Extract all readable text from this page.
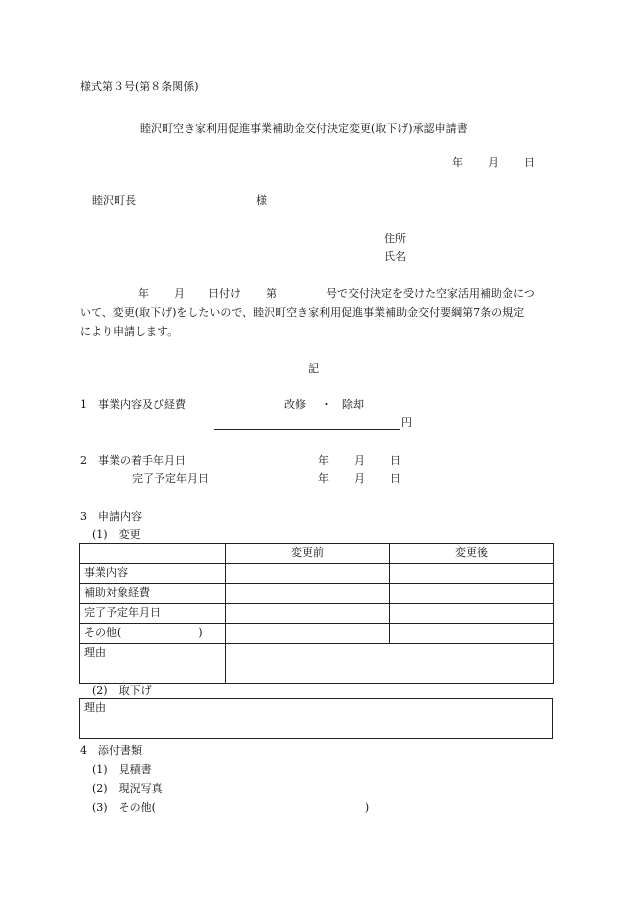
様式第３号(第８条関係)
睦沢町空き家利用促進事業補助金交付決定変更(取下げ)承認申請書
年 月 日
睦沢町長	様
住所
氏名
年 月 日付け 第	号で交付決定を受けた空家活用補助金につ
いて、変更(取下げ)をしたいので、睦沢町空き家利用促進事業補助金交付要綱第7条の規定
により申請します。
記
1　事業内容及び経費	改修 ・ 除却
円
2　事業の着手年月日	年 月 日
完了予定年月日	年 月 日
3　申請内容
(1)　変更
	変更前	変更後
事業内容		
補助対象経費		
完了予定年月日		
その他(　　　　　　　)		
理由		
(2)　取下げ
理由
4　添付書類
(1)　見積書
(2)　現況写真
(3)　その他(　　　　　　　　　　　　　　　　　　　)
